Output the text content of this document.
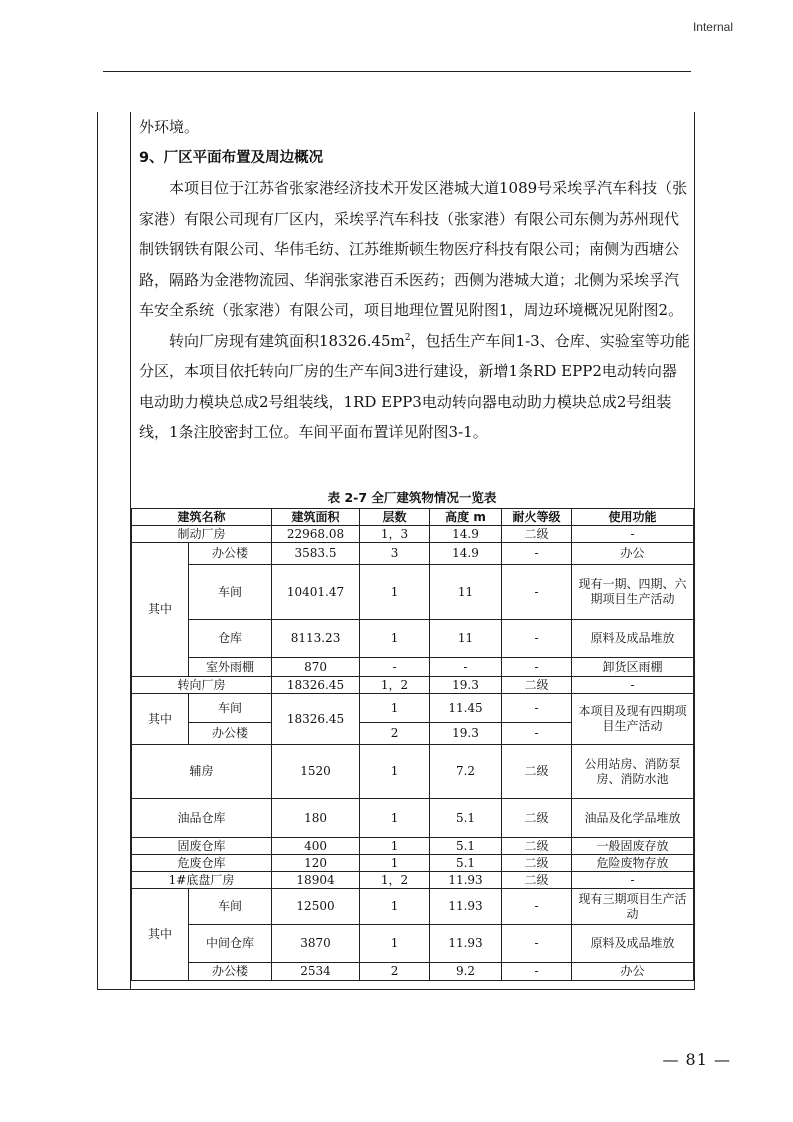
Internal

外环境。

9、厂区平面布置及周边概况

本项目位于江苏省张家港经济技术开发区港城大道1089号采埃孚汽车科技（张家港）有限公司现有厂区内，采埃孚汽车科技（张家港）有限公司东侧为苏州现代制铁钢铁有限公司、华伟毛纺、江苏维斯顿生物医疗科技有限公司；南侧为西塘公路，隔路为金港物流园、华润张家港百禾医药；西侧为港城大道；北侧为采埃孚汽车安全系统（张家港）有限公司，项目地理位置见附图1，周边环境概况见附图2。

转向厂房现有建筑面积$18326.45m^2$，包括生产车间1-3、仓库、实验室等功能分区，本项目依托转向厂房的生产车间3进行建设，新增1条RD EPP2电动转向器电动助力模块总成2号组装线，1RD EPP3电动转向器电动助力模块总成2号组装线，1条注胶密封工位。车间平面布置详见附图3-1。

表 2-7 全厂建筑物情况一览表
建筑名称		建筑面积	层数	高度 m	耐火等级	使用功能
制动厂房		22968.08	1，3	14.9	二级	-
其中	办公楼	3583.5	3	14.9	-	办公
	车间	10401.47	1	11	-	现有一期、四期、六期项目生产活动
	仓库	8113.23	1	11	-	原料及成品堆放
	室外雨棚	870	-	-	-	卸货区雨棚
转向厂房		18326.45	1，2	19.3	二级	-
其中	车间	18326.45	1	11.45	-	本项目及现有四期项目生产活动
	办公楼		2	19.3	-	
辅房		1520	1	7.2	二级	公用站房、消防泵房、消防水池
油品仓库		180	1	5.1	二级	油品及化学品堆放
固废仓库		400	1	5.1	二级	一般固废存放
危废仓库		120	1	5.1	二级	危险废物存放
1#底盘厂房		18904	1，2	11.93	二级	-
其中	车间	12500	1	11.93	-	现有三期项目生产活动
	中间仓库	3870	1	11.93	-	原料及成品堆放
	办公楼	2534	2	9.2	-	办公
— 81 —
